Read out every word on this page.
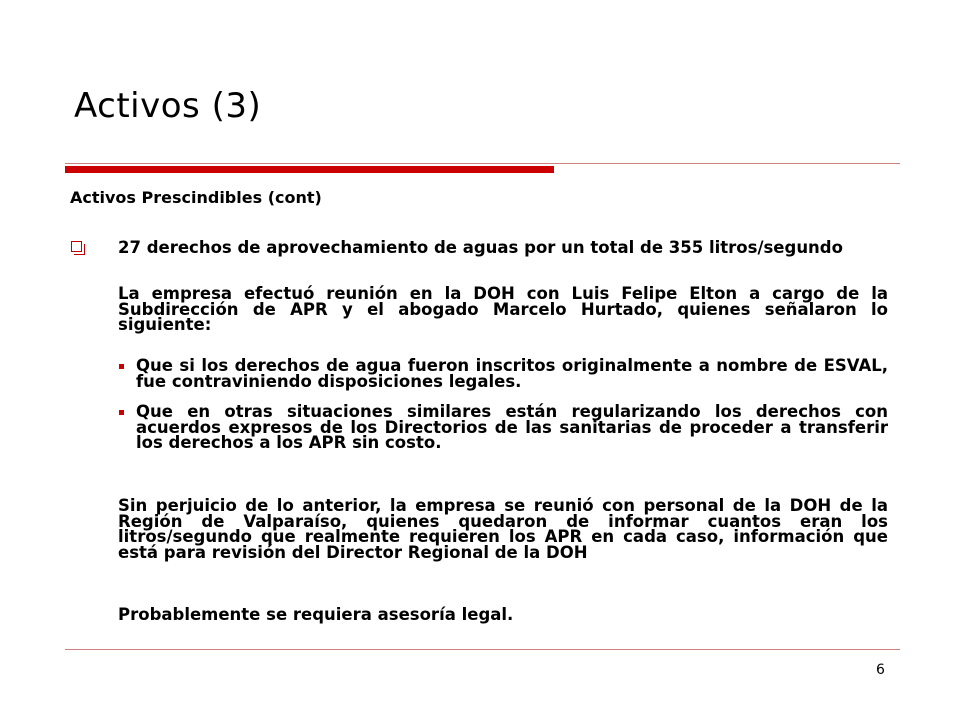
Activos (3)
Activos Prescindibles (cont)
27 derechos de aprovechamiento de aguas por un total de 355 litros/segundo
La empresa efectuó reunión en la DOH con Luis Felipe Elton a cargo de la Subdirección de APR y el abogado Marcelo Hurtado, quienes señalaron lo siguiente:
Que si los derechos de agua fueron inscritos originalmente a nombre de ESVAL, fue contraviniendo disposiciones legales.
Que en otras situaciones similares están regularizando los derechos con acuerdos expresos de los Directorios de las sanitarias de proceder a transferir los derechos a los APR sin costo.
Sin perjuicio de lo anterior, la empresa se reunió con personal de la DOH de la Región de Valparaíso, quienes quedaron de informar cuantos eran los litros/segundo que realmente requieren los APR en cada caso, información que está para revisión del Director Regional de la DOH
Probablemente se requiera asesoría legal.
6
